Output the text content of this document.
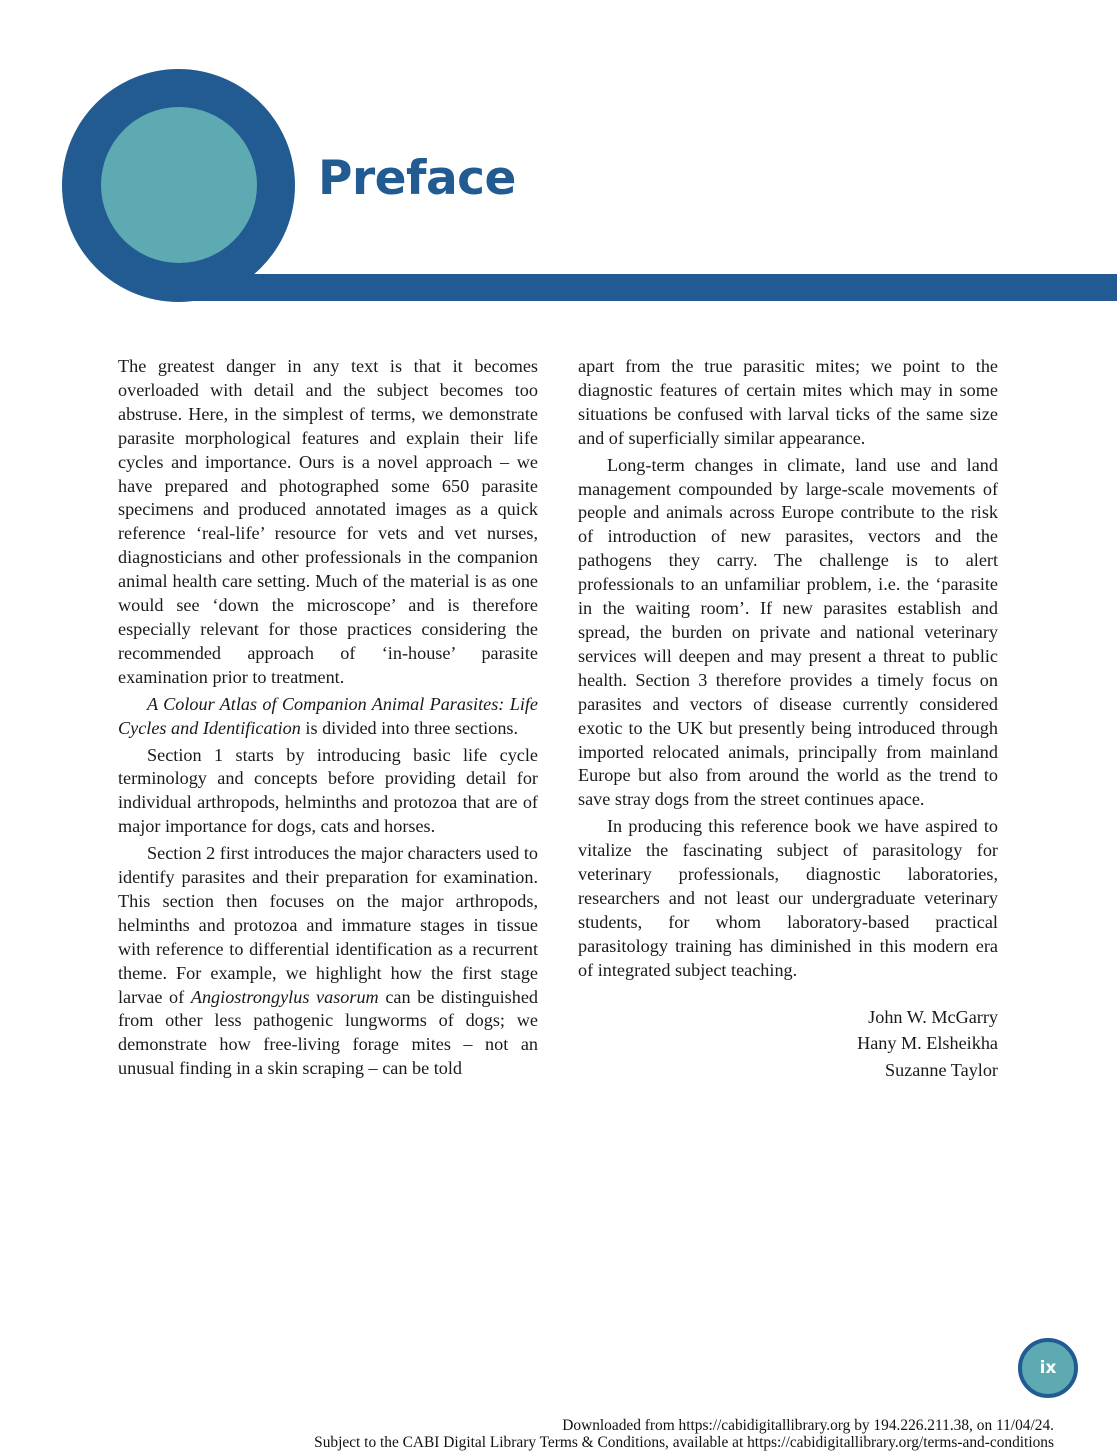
Preface

The greatest danger in any text is that it becomes overloaded with detail and the subject becomes too abstruse. Here, in the simplest of terms, we demonstrate parasite morphological features and explain their life cycles and importance. Ours is a novel approach – we have prepared and photographed some 650 parasite specimens and produced annotated images as a quick reference ‘real-life’ resource for vets and vet nurses, diagnosticians and other professionals in the companion animal health care setting. Much of the material is as one would see ‘down the microscope’ and is therefore especially relevant for those practices considering the recommended approach of ‘in-house’ parasite examination prior to treatment.

A Colour Atlas of Companion Animal Parasites: Life Cycles and Identification is divided into three sections.

Section 1 starts by introducing basic life cycle terminology and concepts before providing detail for individual arthropods, helminths and protozoa that are of major importance for dogs, cats and horses.

Section 2 first introduces the major characters used to identify parasites and their preparation for examination. This section then focuses on the major arthropods, helminths and protozoa and immature stages in tissue with reference to differential identification as a recurrent theme. For example, we highlight how the first stage larvae of Angiostrongylus vasorum can be distinguished from other less pathogenic lungworms of dogs; we demonstrate how free-living forage mites – not an unusual finding in a skin scraping – can be told

apart from the true parasitic mites; we point to the diagnostic features of certain mites which may in some situations be confused with larval ticks of the same size and of superficially similar appearance.

Long-term changes in climate, land use and land management compounded by large-scale movements of people and animals across Europe contribute to the risk of introduction of new parasites, vectors and the pathogens they carry. The challenge is to alert professionals to an unfamiliar problem, i.e. the ‘parasite in the waiting room’. If new parasites establish and spread, the burden on private and national veterinary services will deepen and may present a threat to public health. Section 3 therefore provides a timely focus on parasites and vectors of disease currently considered exotic to the UK but presently being introduced through imported relocated animals, principally from mainland Europe but also from around the world as the trend to save stray dogs from the street continues apace.

In producing this reference book we have aspired to vitalize the fascinating subject of parasitology for veterinary professionals, diagnostic laboratories, researchers and not least our undergraduate veterinary students, for whom laboratory-based practical parasitology training has diminished in this modern era of integrated subject teaching.

John W. McGarry
Hany M. Elsheikha
Suzanne Taylor
ix
Downloaded from https://cabidigitallibrary.org by 194.226.211.38, on 11/04/24.
Subject to the CABI Digital Library Terms & Conditions, available at https://cabidigitallibrary.org/terms-and-conditions
